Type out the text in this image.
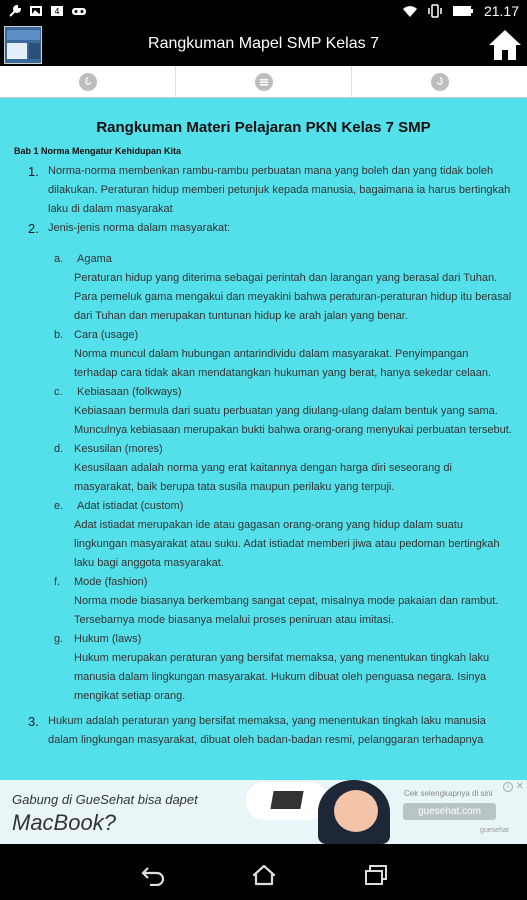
4	21.17
Rangkuman Mapel SMP Kelas 7
Rangkuman Materi Pelajaran PKN Kelas 7 SMP
Bab 1 Norma Mengatur Kehidupan Kita
1. Norma-norma membenkan rambu-rambu perbuatan mana yang boleh dan yang tidak boleh dilakukan. Peraturan hidup memberi petunjuk kepada manusia, bagaimana ia harus bertingkah laku di dalam masyarakat
2. Jenis-jenis norma dalam masyarakat:
a. Agama
Peraturan hidup yang diterima sebagai perintah dan larangan yang berasal dari Tuhan. Para pemeluk gama mengakui dan meyakini bahwa peraturan-peraturan hidup itu berasal dari Tuhan dan merupakan tuntunan hidup ke arah jalan yang benar.
b. Cara (usage)
Norma muncul dalam hubungan antarindividu dalam masyarakat. Penyimpangan terhadap cara tidak akan mendatangkan hukuman yang berat, hanya sekedar celaan.
c. Kebiasaan (folkways)
Kebiasaan bermula dari suatu perbuatan yang diulang-ulang dalam bentuk yang sama. Munculnya kebiasaan merupakan bukti bahwa orang-orang menyukai perbuatan tersebut.
d. Kesusilan (mores)
Kesusilaan adalah norma yang erat kaitannya dengan harga diri seseorang di masyarakat, baik berupa tata susila maupun perilaku yang terpuji.
e. Adat istiadat (custom)
Adat istiadat merupakan ide atau gagasan orang-orang yang hidup dalam suatu lingkungan masyarakat atau suku. Adat istiadat memberi jiwa atau pedoman bertingkah laku bagi anggota masyarakat.
f. Mode (fashion)
Norma mode biasanya berkembang sangat cepat, misalnya mode pakaian dan rambut. Tersebarnya mode biasanya melalui proses peniruan atau imitasi.
g. Hukum (laws)
Hukum merupakan peraturan yang bersifat memaksa, yang menentukan tingkah laku manusia dalam lingkungan masyarakat. Hukum dibuat oleh penguasa negara. Isinya mengikat setiap orang.
3. Hukum adalah peraturan yang bersifat memaksa, yang menentukan tingkah laku manusia dalam lingkungan masyarakat, dibuat oleh badan-badan resmi, pelanggaran terhadapnya
Gabung di GueSehat bisa dapet
MacBook?
Cek selengkapnya di sini
guesehat.com
guesehat
i ✕
